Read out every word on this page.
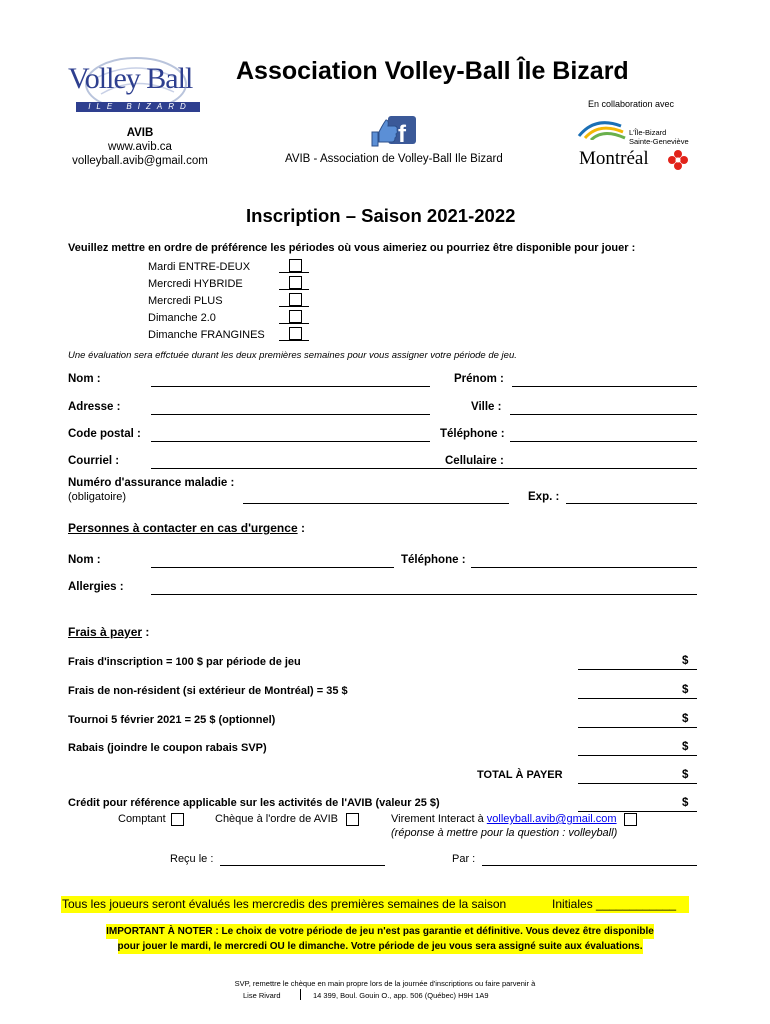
Volley Ball
ILE BIZARD
Association Volley-Ball Île Bizard
En collaboration avec
AVIB
www.avib.ca
volleyball.avib@gmail.com
f
AVIB - Association de Volley-Ball Ile Bizard
L'Île-Bizard
Sainte-Geneviève
Montréal
Inscription – Saison 2021-2022
Veuillez mettre en ordre de préférence les périodes où vous aimeriez ou pourriez être disponible pour jouer :
Mardi ENTRE-DEUX
Mercredi HYBRIDE
Mercredi PLUS
Dimanche 2.0
Dimanche FRANGINES
Une évaluation sera effctuée durant les deux premières semaines pour vous assigner votre période de jeu.
Nom :	Prénom :
Adresse :	Ville :
Code postal :	Téléphone :
Courriel :	Cellulaire :
Numéro d'assurance maladie :
(obligatoire)	Exp. :
Personnes à contacter en cas d'urgence :
Nom :	Téléphone :
Allergies :
Frais à payer :
Frais d'inscription = 100 $ par période de jeu	$
Frais de non-résident (si extérieur de Montréal) = 35 $	$
Tournoi 5 février 2021 = 25 $ (optionnel)	$
Rabais (joindre le coupon rabais SVP)	$
TOTAL À PAYER	$
Crédit pour référence applicable sur les activités de l'AVIB (valeur 25 $)	$
Comptant	Chèque à l'ordre de AVIB	Virement Interact à volleyball.avib@gmail.com
(réponse à mettre pour la question : volleyball)
Reçu le :	Par :
Tous les joueurs seront évalués les mercredis des premières semaines de la saison	Initiales ____________
IMPORTANT À NOTER : Le choix de votre période de jeu n'est pas garantie et définitive. Vous devez être disponible
pour jouer le mardi, le mercredi OU le dimanche. Votre période de jeu vous sera assigné suite aux évaluations.
SVP, remettre le chèque en main propre lors de la journée d'inscriptions ou faire parvenir à
Lise Rivard	14 399, Boul. Gouin O., app. 506 (Québec) H9H 1A9
